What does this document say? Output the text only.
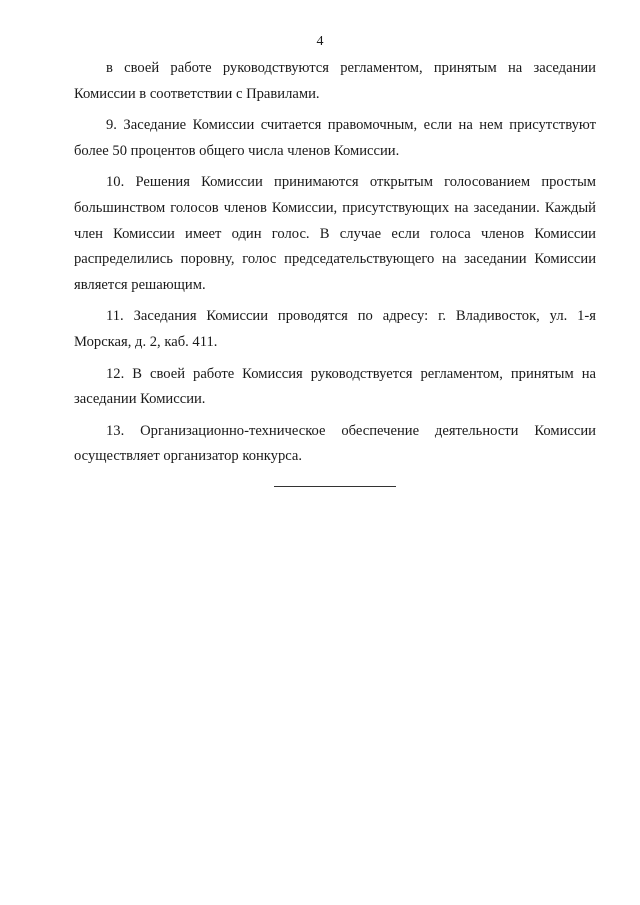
4

в своей работе руководствуются регламентом, принятым на заседании Комиссии в соответствии с Правилами.

9. Заседание Комиссии считается правомочным, если на нем присутствуют более 50 процентов общего числа членов Комиссии.

10. Решения Комиссии принимаются открытым голосованием простым большинством голосов членов Комиссии, присутствующих на заседании. Каждый член Комиссии имеет один голос. В случае если голоса членов Комиссии распределились поровну, голос председательствующего на заседании Комиссии является решающим.

11. Заседания Комиссии проводятся по адресу: г. Владивосток, ул. 1-я Морская, д. 2, каб. 411.

12. В своей работе Комиссия руководствуется регламентом, принятым на заседании Комиссии.

13. Организационно-техническое обеспечение деятельности Комиссии осуществляет организатор конкурса.
